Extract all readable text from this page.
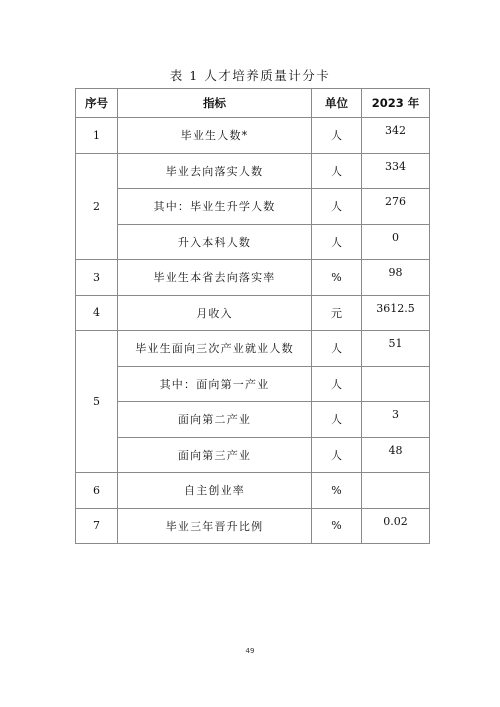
表 1 人才培养质量计分卡
序号	指标	单位	2023 年
1	毕业生人数*	人	342
2	毕业去向落实人数	人	334
	其中：毕业生升学人数	人	276
	升入本科人数	人	0
3	毕业生本省去向落实率	%	98
4	月收入	元	3612.5
5	毕业生面向三次产业就业人数	人	51
	其中：面向第一产业	人	
	面向第二产业	人	3
	面向第三产业	人	48
6	自主创业率	%	
7	毕业三年晋升比例	%	0.02
49
